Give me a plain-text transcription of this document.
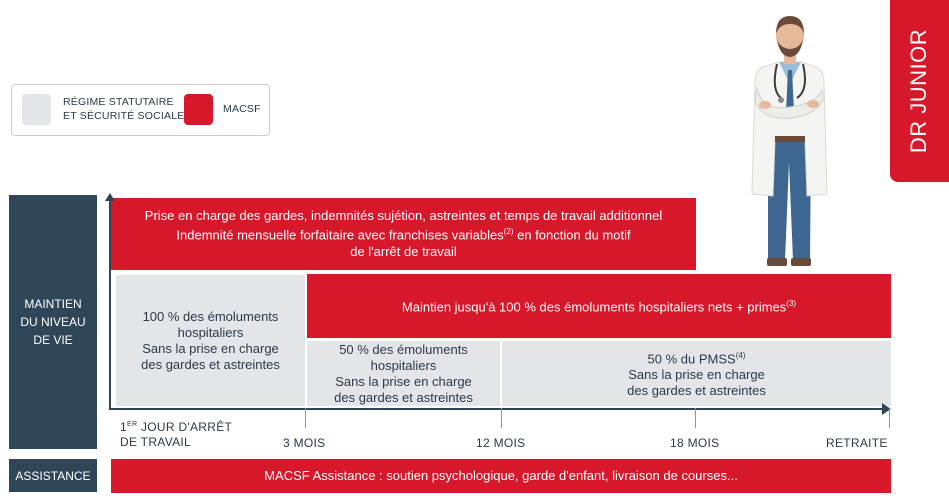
RÉGIME STATUTAIRE
ET SÉCURITÉ SOCIALE
MACSF	DR JUNIOR
MAINTIEN
DU NIVEAU
DE VIE
ASSISTANCE
Prise en charge des gardes, indemnités sujétion, astreintes et temps de travail additionnel
Indemnité mensuelle forfaitaire avec franchises variables$^{(2)}$ en fonction du motif
de l'arrêt de travail
100 % des émoluments
hospitaliers
Sans la prise en charge
des gardes et astreintes
Maintien jusqu'à 100 % des émoluments hospitaliers nets + primes$^{(3)}$
50 % des émoluments
hospitaliers
Sans la prise en charge
des gardes et astreintes
50 % du PMSS$^{(4)}$
Sans la prise en charge
des gardes et astreintes
1ER JOUR D'ARRÊT
DE TRAVAIL	3 MOIS	12 MOIS	18 MOIS	RETRAITE
MACSF Assistance : soutien psychologique, garde d'enfant, livraison de courses...
